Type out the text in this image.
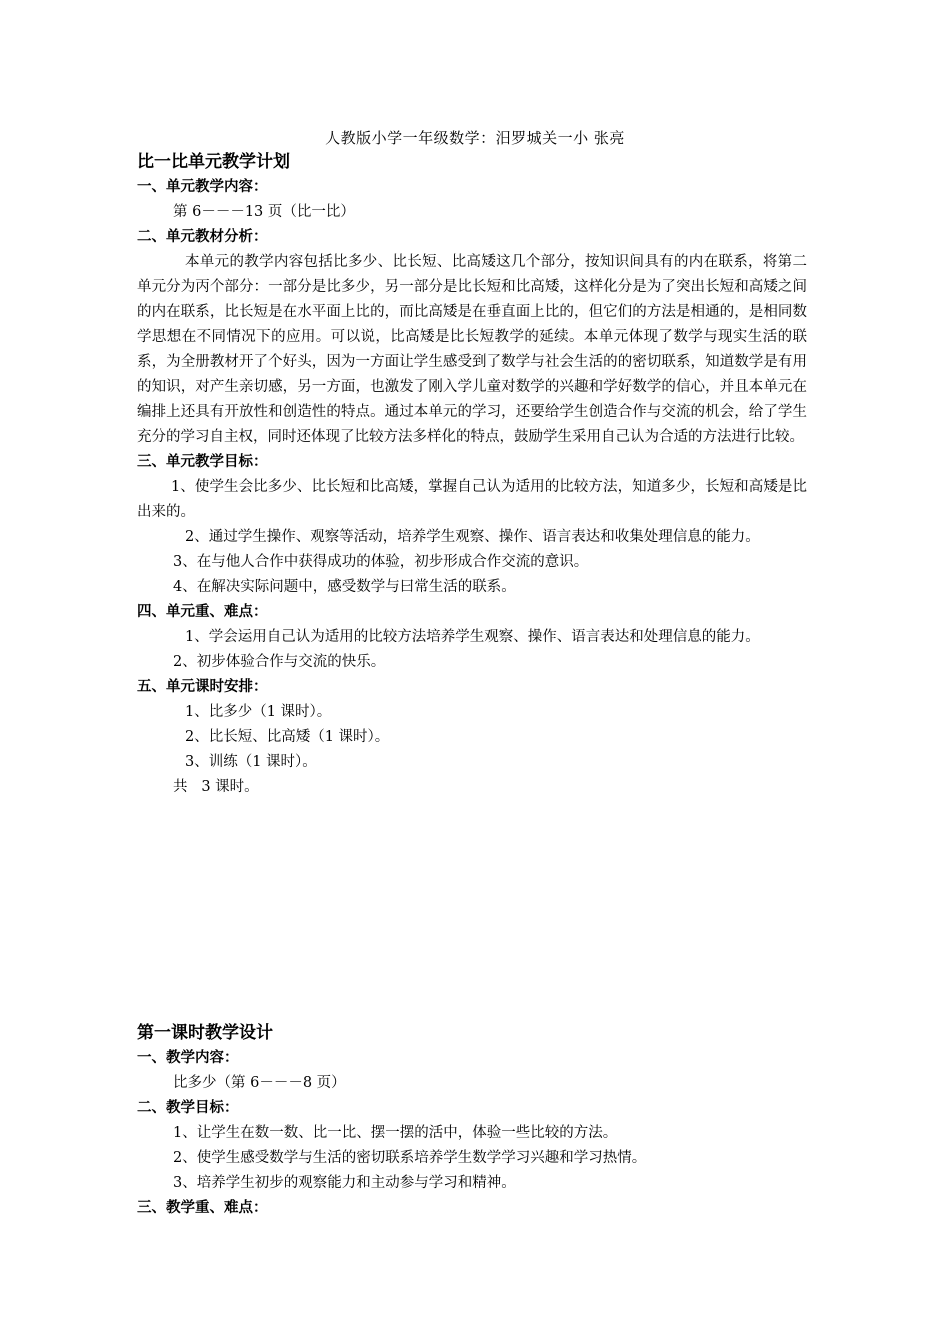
人教版小学一年级数学：汨罗城关一小 张亮

比一比单元教学计划

一、单元教学内容：

第 6－－－13 页（比一比）

二、单元教材分析：

本单元的教学内容包括比多少、比长短、比高矮这几个部分，按知识间具有的内在联系，将第二单元分为丙个部分：一部分是比多少，另一部分是比长短和比高矮，这样化分是为了突出长短和高矮之间的内在联系，比长短是在水平面上比的，而比高矮是在垂直面上比的，但它们的方法是相通的，是相同数学思想在不同情况下的应用。可以说，比高矮是比长短教学的延续。本单元体现了数学与现实生活的联系，为全册教材开了个好头，因为一方面让学生感受到了数学与社会生活的的密切联系，知道数学是有用的知识，对产生亲切感，另一方面，也激发了刚入学儿童对数学的兴趣和学好数学的信心，并且本单元在编排上还具有开放性和创造性的特点。通过本单元的学习，还要给学生创造合作与交流的机会，给了学生充分的学习自主权，同时还体现了比较方法多样化的特点，鼓励学生采用自己认为合适的方法进行比较。

三、单元教学目标：

1、使学生会比多少、比长短和比高矮，掌握自己认为适用的比较方法，知道多少，长短和高矮是比出来的。

2、通过学生操作、观察等活动，培养学生观察、操作、语言表达和收集处理信息的能力。

3、在与他人合作中获得成功的体验，初步形成合作交流的意识。

4、在解决实际问题中，感受数学与曰常生活的联系。

四、单元重、难点：

1、学会运用自己认为适用的比较方法培养学生观察、操作、语言表达和处理信息的能力。

2、初步体验合作与交流的快乐。

五、单元课时安排：

1、比多少（1 课时）。

2、比长短、比高矮（1 课时）。

3、训练（1 课时）。

共   3 课时。

第一课时教学设计

一、教学内容：

比多少（第 6－－－8 页）

二、教学目标：

1、让学生在数一数、比一比、摆一摆的活中，体验一些比较的方法。

2、使学生感受数学与生活的密切联系培养学生数学学习兴趣和学习热情。

3、培养学生初步的观察能力和主动参与学习和精神。

三、教学重、难点：
